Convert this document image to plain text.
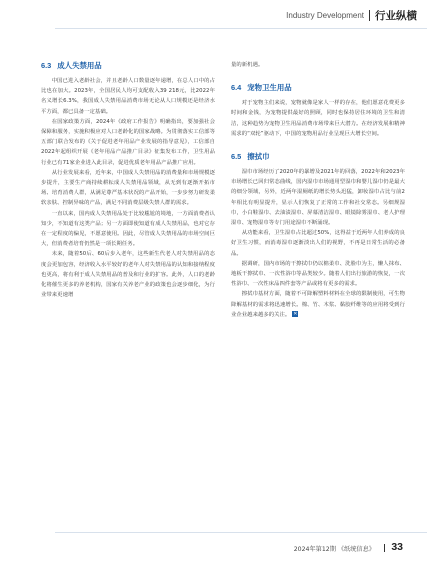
Industry Development 行业纵横
6.3 成人失禁用品

中国已进入老龄社会，并且老龄人口数量逐年递增，在总人口中的占比也在加大。2023年，全国居民人均可支配收入39 218元，比2022年名义增长6.3%，我国成人失禁用品消费市场无论从人口规模还是经济水平方面，都已具备一定基础。

在国家政策方面，2024年《政府工作报告》明确指出，要加强社会保障和服务，实施积极应对人口老龄化的国家战略。为贯彻落实工信部等五部门联合发布的《关于促进老年用品产业发展的指导意见》，工信部自2022年起组织开展《老年用品产品推广目录》征集发布工作，卫生用品行业已有71家企业进入此目录，促进优质老年用品产品推广应用。

从行业发展来看，近年来，中国成人失禁用品的消费量和市场规模逐步提升，主要生产商持续耕耘成人失禁用品领域，从无到有逐渐开拓市场、培育消费人群，从满足尊严基本状况的产品开始，一步步努力研发柔软亲肤、控制异味的产品，满足不同消费层级失禁人群的需求。

一直以来，国内成人失禁用品处于比较尴尬的境地，一方面消费者认知少，不知道有这类产品；另一方面即使知道有成人失禁用品，也对它存在一定程度的偏见，不愿意使用。因此，尽管成人失禁用品的市场空间巨大，但消费者培育仍然是一项长期任务。

未来，随着50后、60后步入老年，这些新生代老人对失禁用品的态度会更加包容，经济收入水平较好的老年人对失禁用品的认知和接纳程度也更高，将有利于成人失禁用品的普及和行业的扩容。此外，人口的老龄化将催生更多的养老机构，国家有关养老产业的政策也会逐步细化，为行业带来更速增

量的新机遇。

6.4 宠物卫生用品

对于宠物主们来说，宠物就像是家人一样的存在，他们愿意花费更多时间和金钱，为宠物提供最好的照顾，同时也保持居住环境的卫生和清洁，这种趋势为宠物卫生用品消费市场带来巨大潜力。在经济发展和精神需求的“双轮”驱动下，中国的宠物用品行业呈现巨大增长空间。

6.5 擦拭巾

湿巾市场经历了2020年的暴增及2021年的回落，2022年和2023年市场增长已回归常态曲线，国内湿巾市场通用型湿巾和婴儿湿巾仍是最大的细分领域，另外，近两年湿厕纸的增长势头迅猛，卸妆湿巾占比与前2年相比有明显提升，显示人们恢复了正常的工作和社交常态。另细规湿巾，小白鞋湿巾、去油渍湿巾、屏幕清洁湿巾、眼镜除雾湿巾、老人护理湿巾、宠物湿巾等专门用途湿巾不断涌现。

从功能来看，卫生湿巾占比超过50%，这得益于近两年人们养成的良好卫生习惯，而消毒湿巾逐渐淡出人们的视野，不再是日常生活的必备品。

据调研，国内市场的干擦拭巾仍以棉柔巾、洗脸巾为主，懒人抹布、地板干擦拭巾、一次性浴巾等品类较少。随着人们出行旅游的恢复，一次性浴巾、一次性床品四件套等产品或将有更多的需求。

擦拭巾基材方面，随着不可降解塑料材料在全球的限制使用，可生物降解基材的需求将迅速增长。棉、竹、木浆、黏胶纤维等的应用将受到行业企业越来越多的关注。 ✕

2024年第12期 《纸统信息》 33
